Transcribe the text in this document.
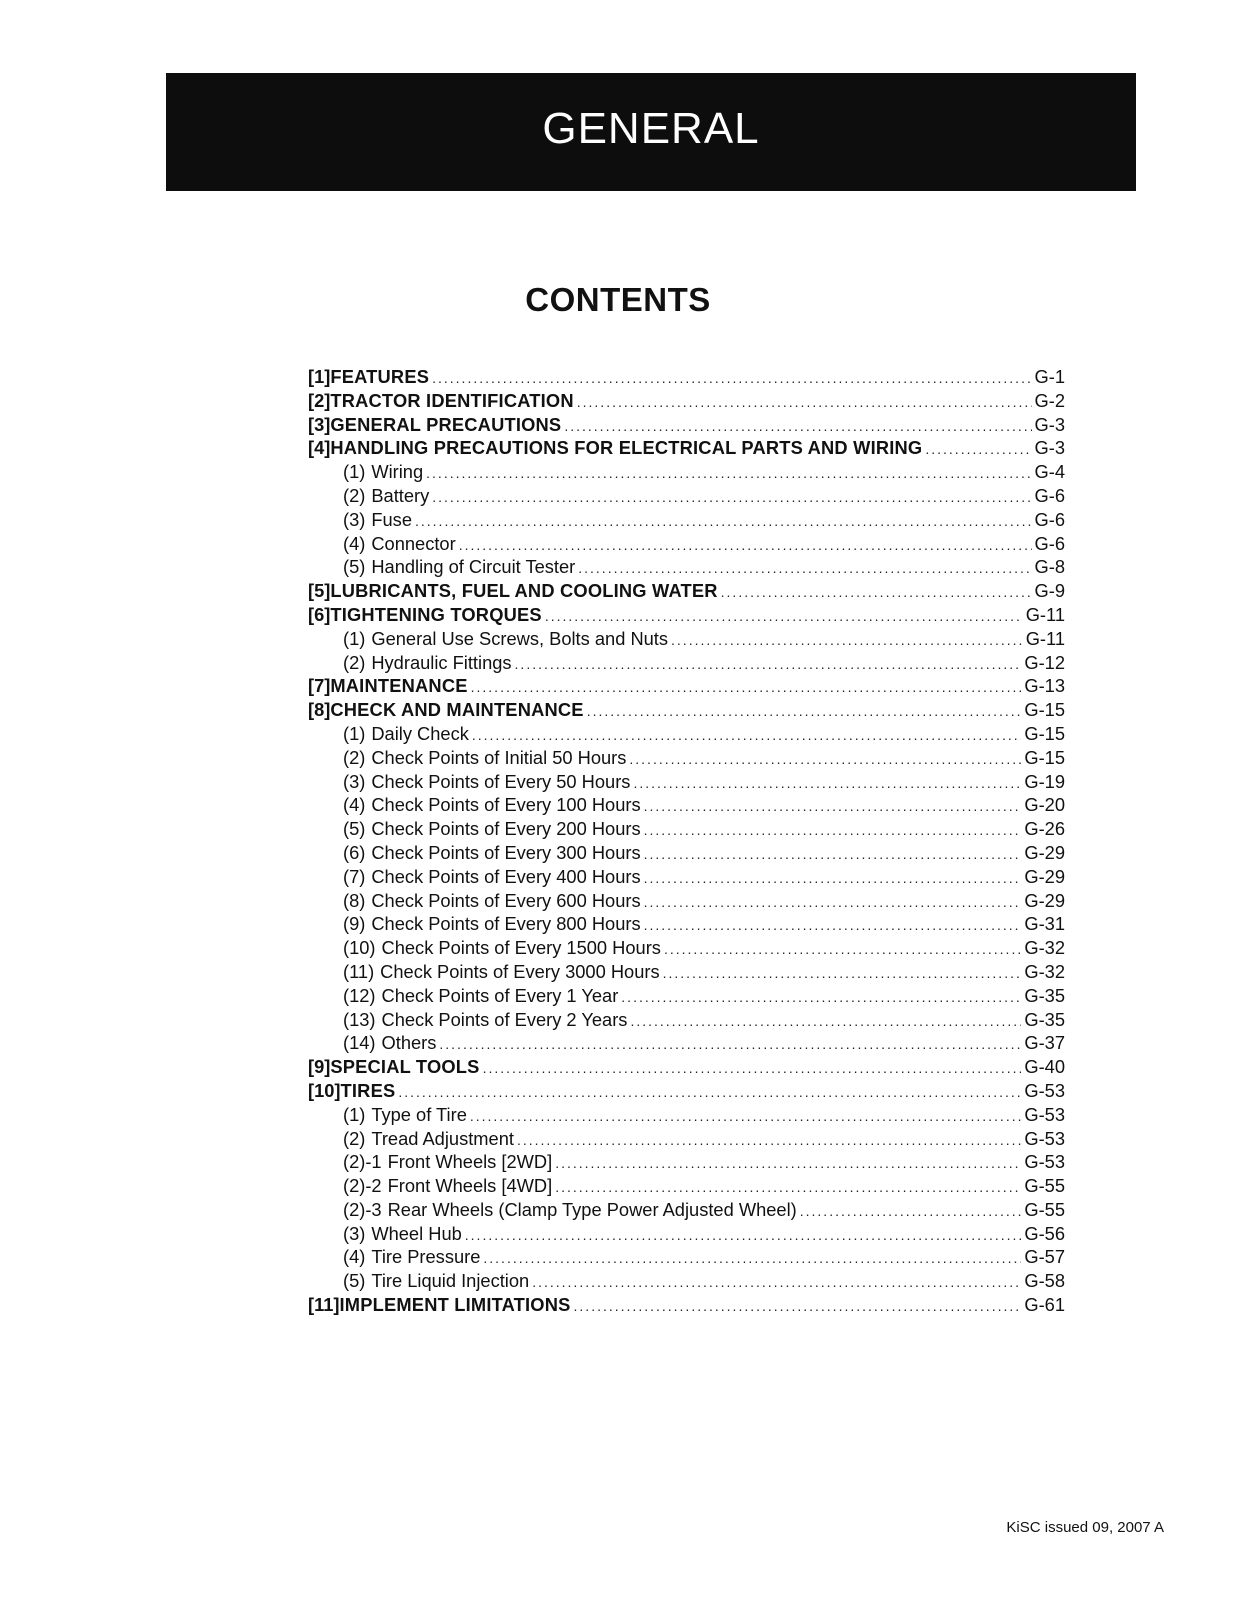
GENERAL
CONTENTS
[1] FEATURES .....	G-1
[2] TRACTOR IDENTIFICATION .....	G-2
[3] GENERAL PRECAUTIONS .....	G-3
[4] HANDLING PRECAUTIONS FOR ELECTRICAL PARTS AND WIRING .....	G-3
(1) Wiring .....	G-4
(2) Battery .....	G-6
(3) Fuse .....	G-6
(4) Connector .....	G-6
(5) Handling of Circuit Tester .....	G-8
[5] LUBRICANTS, FUEL AND COOLING WATER .....	G-9
[6] TIGHTENING TORQUES .....	G-11
(1) General Use Screws, Bolts and Nuts .....	G-11
(2) Hydraulic Fittings .....	G-12
[7] MAINTENANCE .....	G-13
[8] CHECK AND MAINTENANCE .....	G-15
(1) Daily Check .....	G-15
(2) Check Points of Initial 50 Hours .....	G-15
(3) Check Points of Every 50 Hours .....	G-19
(4) Check Points of Every 100 Hours .....	G-20
(5) Check Points of Every 200 Hours .....	G-26
(6) Check Points of Every 300 Hours .....	G-29
(7) Check Points of Every 400 Hours .....	G-29
(8) Check Points of Every 600 Hours .....	G-29
(9) Check Points of Every 800 Hours .....	G-31
(10) Check Points of Every 1500 Hours .....	G-32
(11) Check Points of Every 3000 Hours .....	G-32
(12) Check Points of Every 1 Year .....	G-35
(13) Check Points of Every 2 Years .....	G-35
(14) Others .....	G-37
[9] SPECIAL TOOLS .....	G-40
[10] TIRES .....	G-53
(1) Type of Tire .....	G-53
(2) Tread Adjustment .....	G-53
(2)-1 Front Wheels [2WD] .....	G-53
(2)-2 Front Wheels [4WD] .....	G-55
(2)-3 Rear Wheels (Clamp Type Power Adjusted Wheel) .....	G-55
(3) Wheel Hub .....	G-56
(4) Tire Pressure .....	G-57
(5) Tire Liquid Injection .....	G-58
[11] IMPLEMENT LIMITATIONS .....	G-61
KiSC issued 09, 2007 A
